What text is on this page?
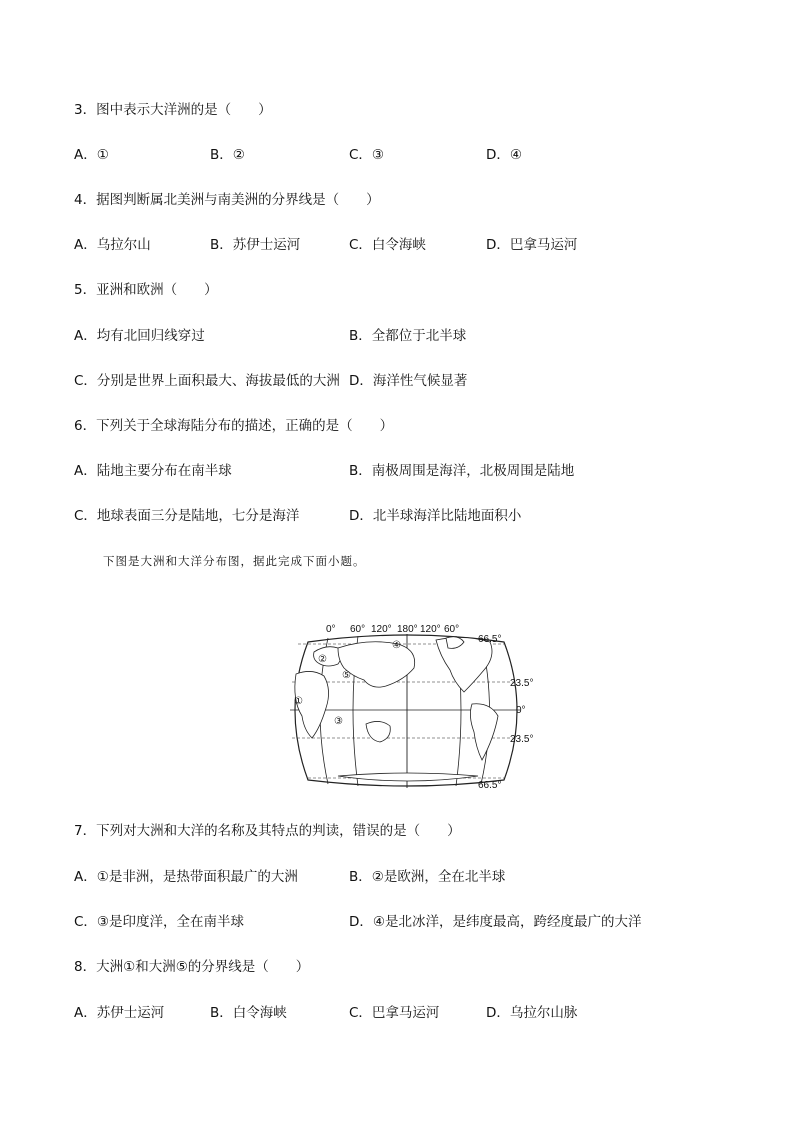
3．图中表示大洋洲的是（　　）
A．①	B．②	C．③	D．④
4．据图判断属北美洲与南美洲的分界线是（　　）
A．乌拉尔山	B．苏伊士运河	C．白令海峡	D．巴拿马运河
5．亚洲和欧洲（　　）
A．均有北回归线穿过	B．全都位于北半球
C．分别是世界上面积最大、海拔最低的大洲 D．海洋性气候显著
6．下列关于全球海陆分布的描述，正确的是（　　）
A．陆地主要分布在南半球	B．南极周围是海洋，北极周围是陆地
C．地球表面三分是陆地，七分是海洋	D．北半球海洋比陆地面积小
下图是大洲和大洋分布图，据此完成下面小题。
0° 60° 120° 180° 120° 60°
①
②
③
④
⑤
66.5°
23.5°
0°
23.5°
66.5°
7．下列对大洲和大洋的名称及其特点的判读，错误的是（　　）
A．①是非洲，是热带面积最广的大洲	B．②是欧洲，全在北半球
C．③是印度洋，全在南半球	D．④是北冰洋，是纬度最高，跨经度最广的大洋
8．大洲①和大洲⑤的分界线是（　　）
A．苏伊士运河	B．白令海峡	C．巴拿马运河	D．乌拉尔山脉
